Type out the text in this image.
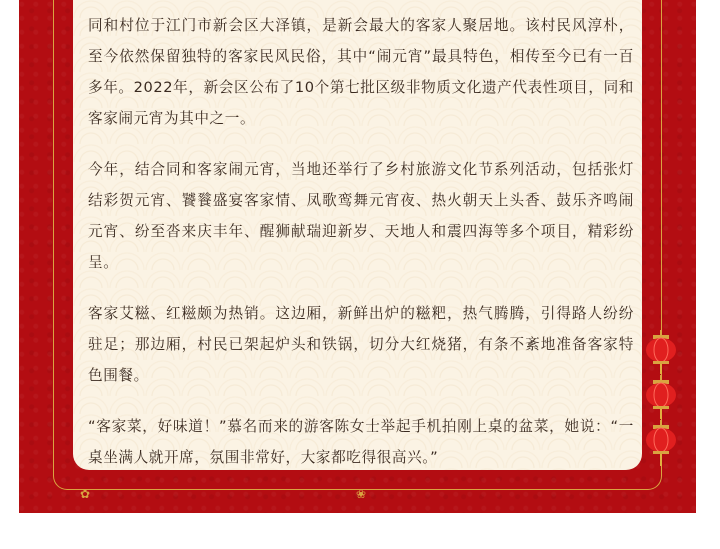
同和村位于江门市新会区大泽镇，是新会最大的客家人聚居地。该村民风淳朴，至今依然保留独特的客家民风民俗，其中“闹元宵”最具特色，相传至今已有一百多年。2022年，新会区公布了10个第七批区级非物质文化遗产代表性项目，同和客家闹元宵为其中之一。

今年，结合同和客家闹元宵，当地还举行了乡村旅游文化节系列活动，包括张灯结彩贺元宵、饕餮盛宴客家情、凤歌鸾舞元宵夜、热火朝天上头香、鼓乐齐鸣闹元宵、纷至沓来庆丰年、醒狮献瑞迎新岁、天地人和震四海等多个项目，精彩纷呈。

客家艾糍、红糍颇为热销。这边厢，新鲜出炉的糍粑，热气腾腾，引得路人纷纷驻足；那边厢，村民已架起炉头和铁锅，切分大红烧猪，有条不紊地准备客家特色围餐。

“客家菜，好味道！”慕名而来的游客陈女士举起手机拍刚上桌的盆菜，她说：“一桌坐满人就开席，氛围非常好，大家都吃得很高兴。”

✿	❀
